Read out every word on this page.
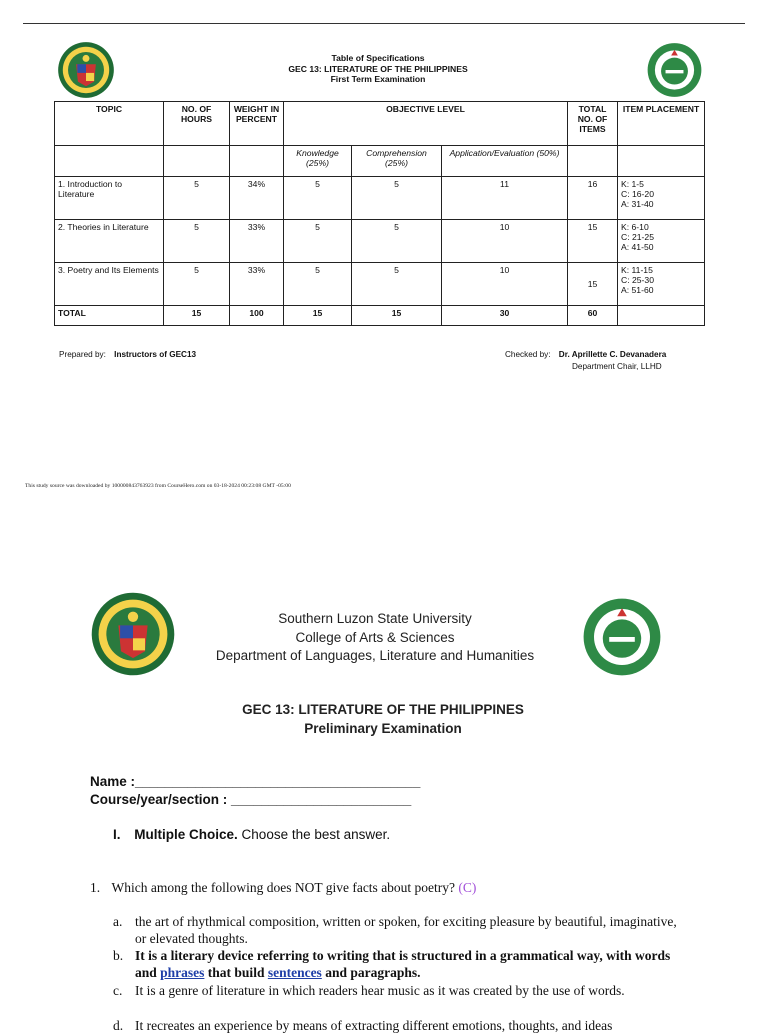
Table of Specifications
GEC 13: LITERATURE OF THE PHILIPPINES
First Term Examination
TOPIC	NO. OF HOURS	WEIGHT IN PERCENT	OBJECTIVE LEVEL			TOTAL NO. OF ITEMS	ITEM PLACEMENT
			Knowledge (25%)	Comprehension (25%)	Application/Evaluation (50%)		
1. Introduction to Literature	5	34%	5	5	11	16	K: 1-5
C: 16-20
A: 31-40

2. Theories in Literature	5	33%	5	5	10	15	K: 6-10
C: 21-25
A: 41-50

3. Poetry and Its Elements	5	33%	5	5	10	15	K: 11-15
C: 25-30
A: 51-60

TOTAL	15	100	15	15	30	60	
Prepared by: Instructors of GEC13	Checked by: Dr. Aprillette C. Devanadera
Department Chair, LLHD
This study source was downloaded by 100000843763923 from CourseHero.com on 03-18-2024 00:23:08 GMT -05:00
Southern Luzon State University
College of Arts & Sciences
Department of Languages, Literature and Humanities
GEC 13: LITERATURE OF THE PHILIPPINES
Preliminary Examination
Name :______________________________________
Course/year/section : ________________________
I. Multiple Choice. Choose the best answer.
1. Which among the following does NOT give facts about poetry? (C)
a. the art of rhythmical composition, written or spoken, for exciting pleasure by beautiful, imaginative, or elevated thoughts.
b. It is a literary device referring to writing that is structured in a grammatical way, with words and phrases that build sentences and paragraphs.
c. It is a genre of literature in which readers hear music as it was created by the use of words.
d. It recreates an experience by means of extracting different emotions, thoughts, and ideas
